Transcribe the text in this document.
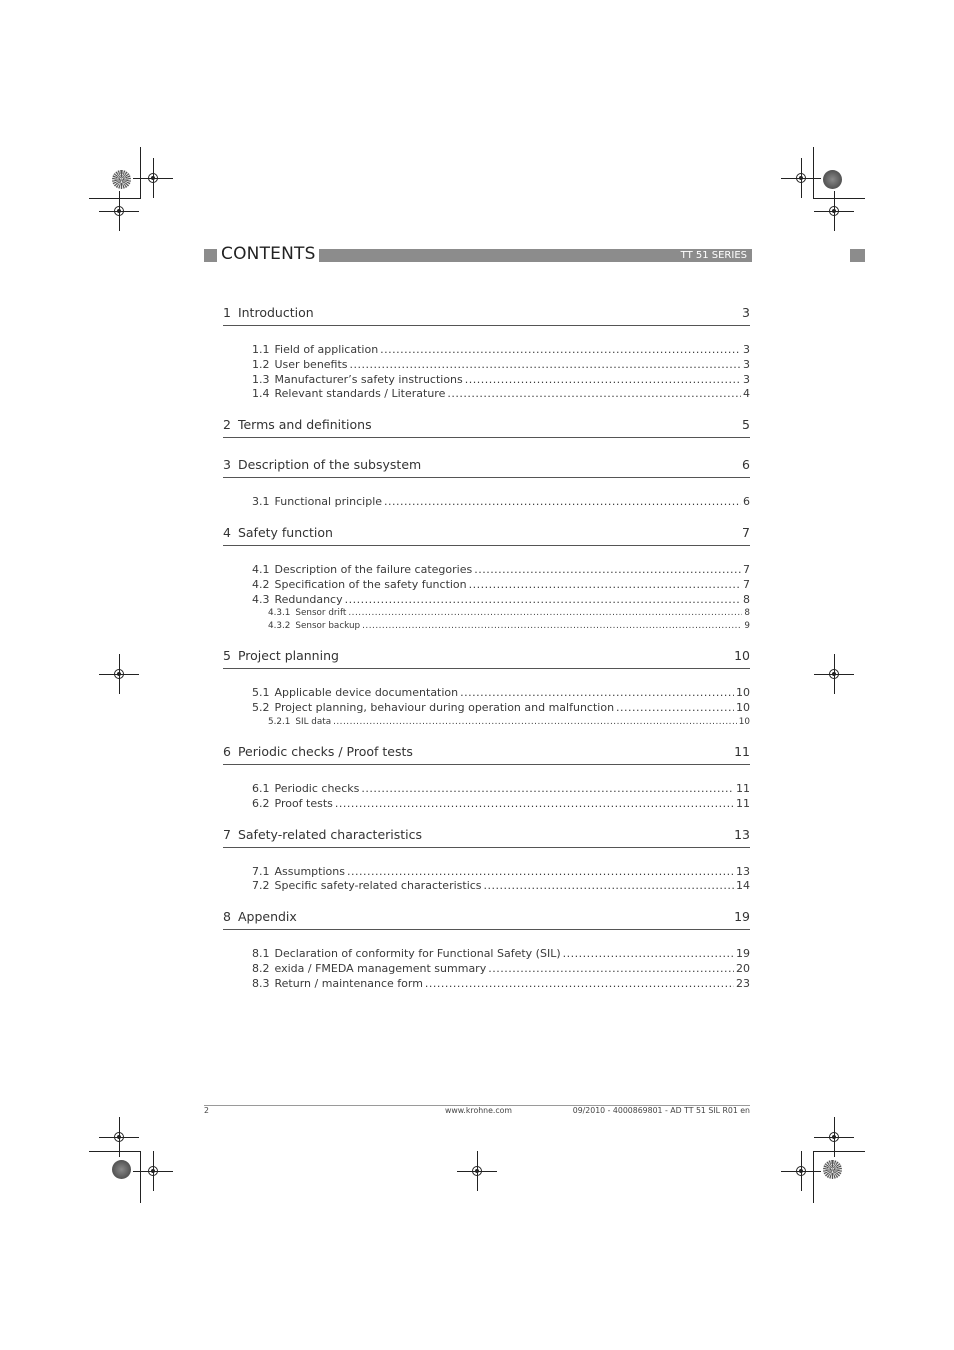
CONTENTS	TT 51 SERIES
1 Introduction	3
1.1 Field of application .....	3
1.2 User benefits .....	3
1.3 Manufacturer’s safety instructions .....	3
1.4 Relevant standards / Literature .....	4
2 Terms and definitions	5
3 Description of the subsystem	6
3.1 Functional principle .....	6
4 Safety function	7
4.1 Description of the failure categories .....	7
4.2 Specification of the safety function .....	7
4.3 Redundancy .....	8
4.3.1 Sensor drift .....	8
4.3.2 Sensor backup .....	9
5 Project planning	10
5.1 Applicable device documentation .....	10
5.2 Project planning, behaviour during operation and malfunction .....	10
5.2.1 SIL data .....	10
6 Periodic checks / Proof tests	11
6.1 Periodic checks .....	11
6.2 Proof tests .....	11
7 Safety-related characteristics	13
7.1 Assumptions .....	13
7.2 Specific safety-related characteristics .....	14
8 Appendix	19
8.1 Declaration of conformity for Functional Safety (SIL) .....	19
8.2 exida / FMEDA management summary .....	20
8.3 Return / maintenance form .....	23
2	www.krohne.com	09/2010 - 4000869801 - AD TT 51 SIL R01 en
